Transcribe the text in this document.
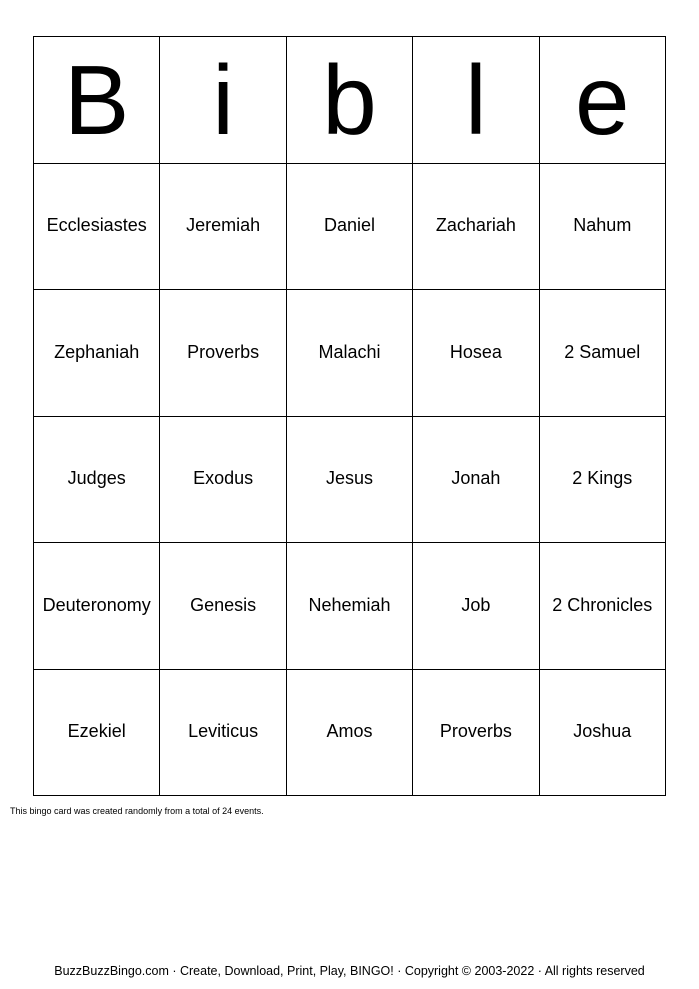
B i b l e
Ecclesiastes	Jeremiah	Daniel	Zachariah	Nahum
Zephaniah	Proverbs	Malachi	Hosea	2 Samuel
Judges	Exodus	Jesus	Jonah	2 Kings
Deuteronomy	Genesis	Nehemiah	Job	2 Chronicles
Ezekiel	Leviticus	Amos	Proverbs	Joshua
This bingo card was created randomly from a total of 24 events.
BuzzBuzzBingo.com · Create, Download, Print, Play, BINGO! · Copyright © 2003-2022 · All rights reserved
